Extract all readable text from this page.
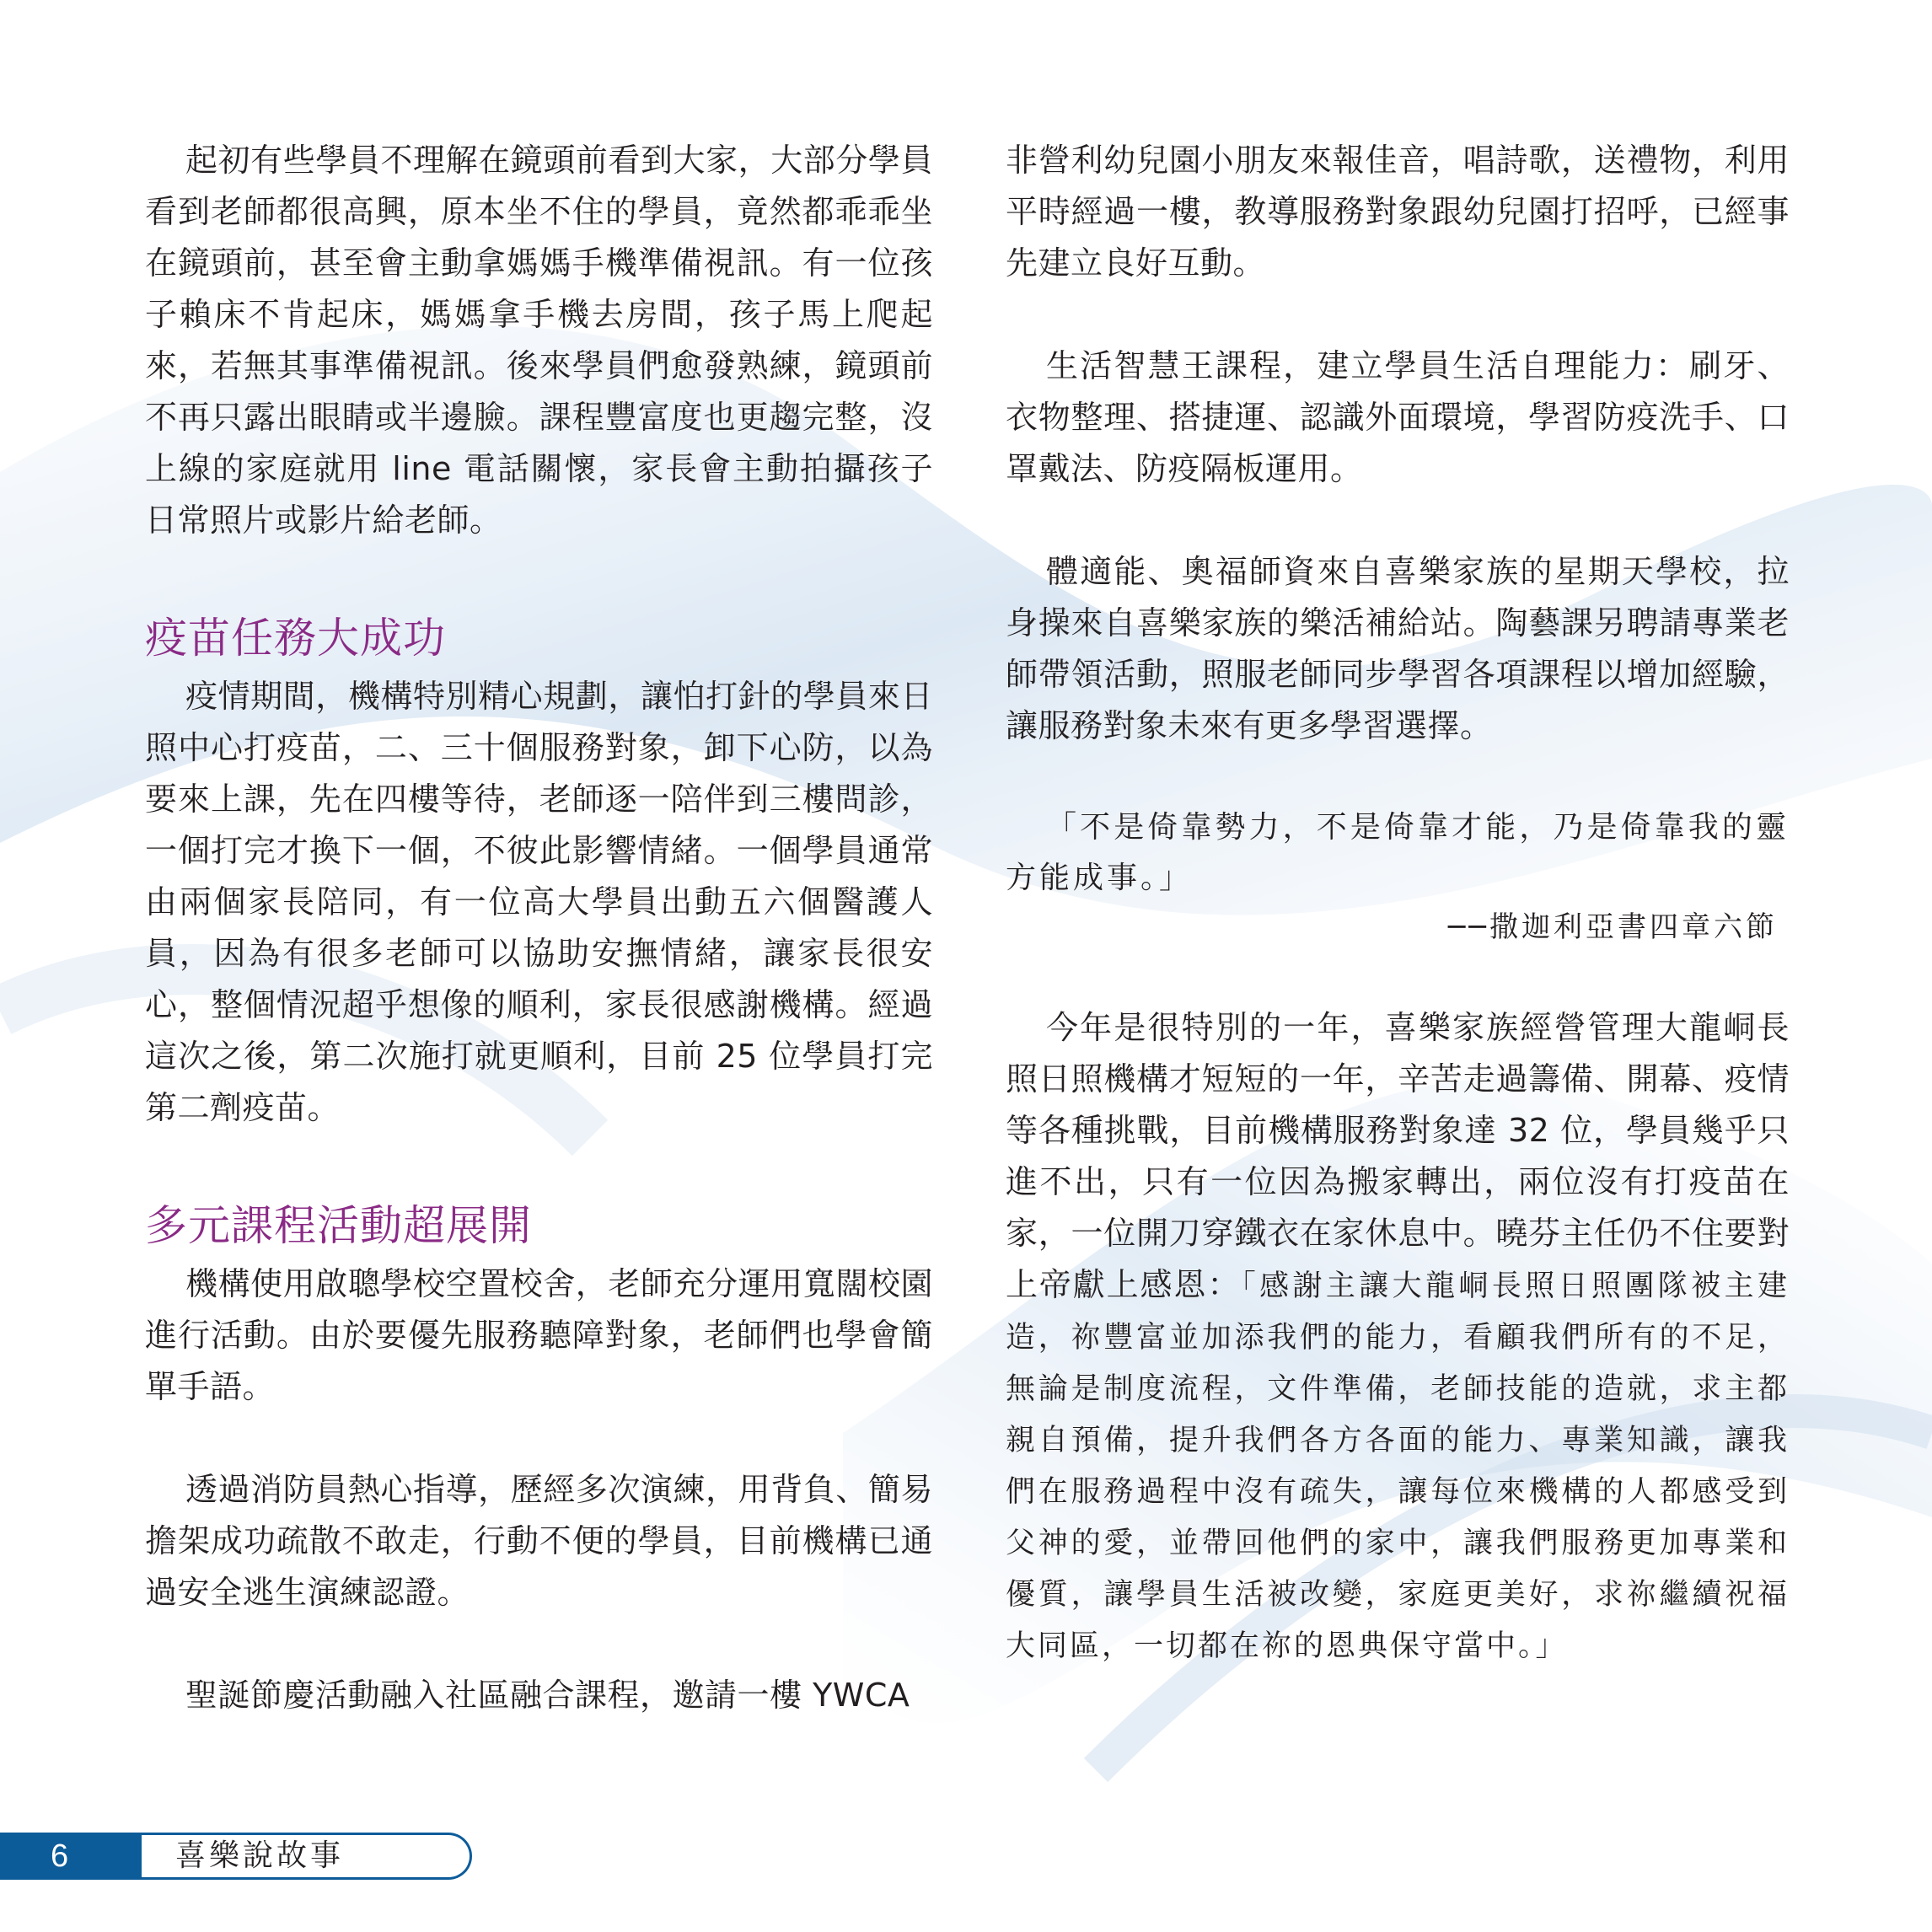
起初有些學員不理解在鏡頭前看到大家，大部分學員看到老師都很高興，原本坐不住的學員，竟然都乖乖坐在鏡頭前，甚至會主動拿媽媽手機準備視訊。有一位孩子賴床不肯起床，媽媽拿手機去房間，孩子馬上爬起來，若無其事準備視訊。後來學員們愈發熟練，鏡頭前不再只露出眼睛或半邊臉。課程豐富度也更趨完整，沒上線的家庭就用 line 電話關懷，家長會主動拍攝孩子日常照片或影片給老師。

疫苗任務大成功

疫情期間，機構特別精心規劃，讓怕打針的學員來日照中心打疫苗，二、三十個服務對象，卸下心防，以為要來上課，先在四樓等待，老師逐一陪伴到三樓問診，一個打完才換下一個，不彼此影響情緒。一個學員通常由兩個家長陪同，有一位高大學員出動五六個醫護人員，因為有很多老師可以協助安撫情緒，讓家長很安心，整個情況超乎想像的順利，家長很感謝機構。經過這次之後，第二次施打就更順利，目前 25 位學員打完第二劑疫苗。

多元課程活動超展開

機構使用啟聰學校空置校舍，老師充分運用寬闊校園進行活動。由於要優先服務聽障對象，老師們也學會簡單手語。

透過消防員熱心指導，歷經多次演練，用背負、簡易擔架成功疏散不敢走，行動不便的學員，目前機構已通過安全逃生演練認證。

聖誕節慶活動融入社區融合課程，邀請一樓 YWCA

非營利幼兒園小朋友來報佳音，唱詩歌，送禮物，利用平時經過一樓，教導服務對象跟幼兒園打招呼，已經事先建立良好互動。

生活智慧王課程，建立學員生活自理能力：刷牙、衣物整理、搭捷運、認識外面環境，學習防疫洗手、口罩戴法、防疫隔板運用。

體適能、奧福師資來自喜樂家族的星期天學校，拉身操來自喜樂家族的樂活補給站。陶藝課另聘請專業老師帶領活動，照服老師同步學習各項課程以增加經驗，讓服務對象未來有更多學習選擇。

「不是倚靠勢力，不是倚靠才能，乃是倚靠我的靈方能成事。」

──撒迦利亞書四章六節

今年是很特別的一年，喜樂家族經營管理大龍峒長照日照機構才短短的一年，辛苦走過籌備、開幕、疫情等各種挑戰，目前機構服務對象達 32 位，學員幾乎只進不出，只有一位因為搬家轉出，兩位沒有打疫苗在家，一位開刀穿鐵衣在家休息中。曉芬主任仍不住要對上帝獻上感恩：「感謝主讓大龍峒長照日照團隊被主建造，祢豐富並加添我們的能力，看顧我們所有的不足，無論是制度流程，文件準備，老師技能的造就，求主都親自預備，提升我們各方各面的能力、專業知識，讓我們在服務過程中沒有疏失，讓每位來機構的人都感受到父神的愛，並帶回他們的家中，讓我們服務更加專業和優質，讓學員生活被改變，家庭更美好，求祢繼續祝福大同區，一切都在祢的恩典保守當中。」

6	喜樂說故事
